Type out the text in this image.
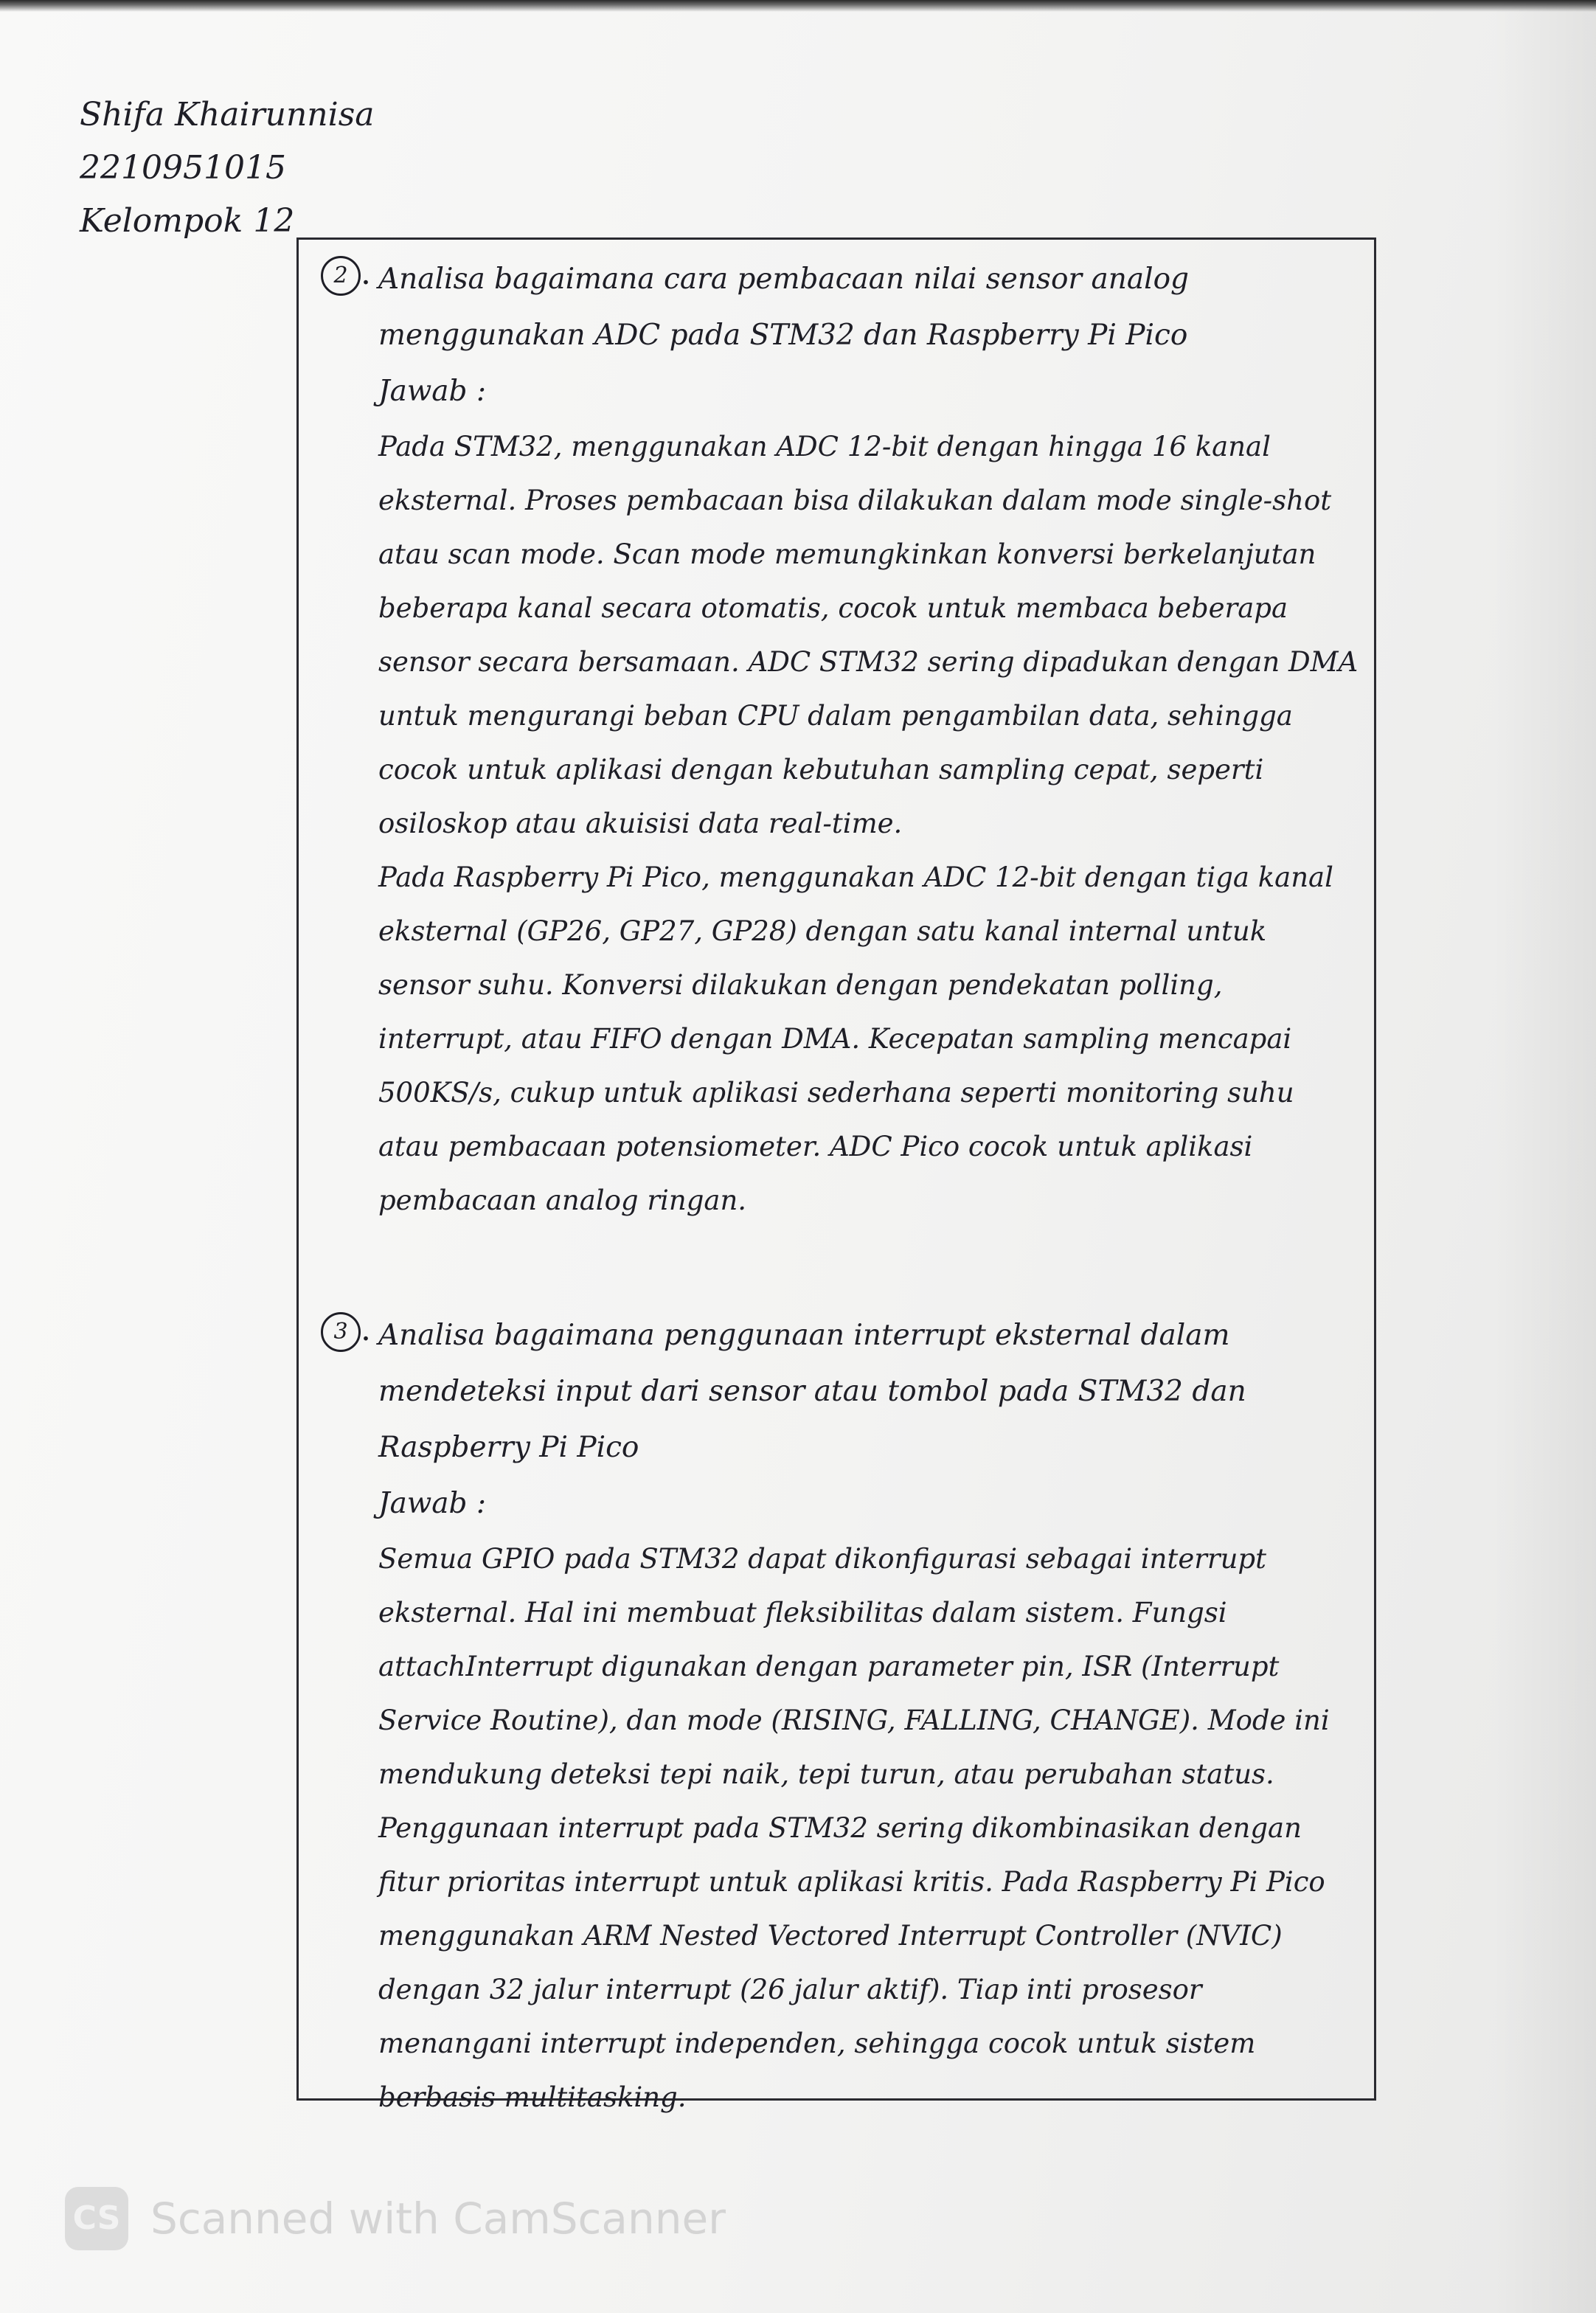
Shifa Khairunnisa
2210951015
Kelompok 12
2 . Analisa bagaimana cara pembacaan nilai sensor analog menggunakan ADC pada STM32 dan Raspberry Pi Pico

Jawab :

Pada STM32, menggunakan ADC 12-bit dengan hingga 16 kanal eksternal. Proses pembacaan bisa dilakukan dalam mode single-shot atau scan mode. Scan mode memungkinkan konversi berkelanjutan beberapa kanal secara otomatis, cocok untuk membaca beberapa sensor secara bersamaan. ADC STM32 sering dipadukan dengan DMA untuk mengurangi beban CPU dalam pengambilan data, sehingga cocok untuk aplikasi dengan kebutuhan sampling cepat, seperti osiloskop atau akuisisi data real-time.
Pada Raspberry Pi Pico, menggunakan ADC 12-bit dengan tiga kanal eksternal (GP26, GP27, GP28) dengan satu kanal internal untuk sensor suhu. Konversi dilakukan dengan pendekatan polling, interrupt, atau FIFO dengan DMA. Kecepatan sampling mencapai 500KS/s, cukup untuk aplikasi sederhana seperti monitoring suhu atau pembacaan potensiometer. ADC Pico cocok untuk aplikasi pembacaan analog ringan.

3 . Analisa bagaimana penggunaan interrupt eksternal dalam mendeteksi input dari sensor atau tombol pada STM32 dan Raspberry Pi Pico

Jawab :

Semua GPIO pada STM32 dapat dikonfigurasi sebagai interrupt eksternal. Hal ini membuat fleksibilitas dalam sistem. Fungsi attachInterrupt digunakan dengan parameter pin, ISR (Interrupt Service Routine), dan mode (RISING, FALLING, CHANGE). Mode ini mendukung deteksi tepi naik, tepi turun, atau perubahan status. Penggunaan interrupt pada STM32 sering dikombinasikan dengan fitur prioritas interrupt untuk aplikasi kritis. Pada Raspberry Pi Pico menggunakan ARM Nested Vectored Interrupt Controller (NVIC) dengan 32 jalur interrupt (26 jalur aktif). Tiap inti prosesor menangani interrupt independen, sehingga cocok untuk sistem berbasis multitasking.

CS Scanned with CamScanner
